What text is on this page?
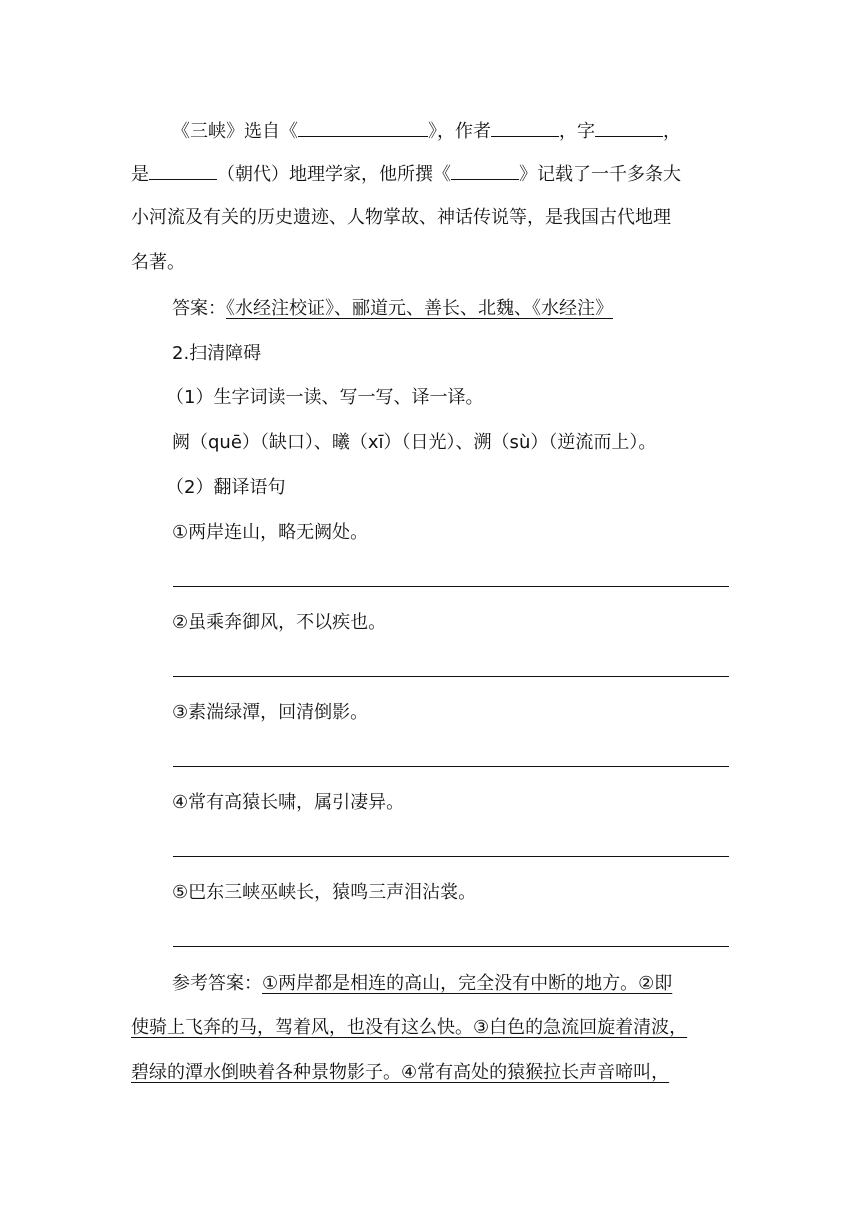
《三峡》选自《	》，作者	，字	，
是	（朝代）地理学家，他所撰《	》记载了一千多条大
小河流及有关的历史遗迹、人物掌故、神话传说等，是我国古代地理
名著。
答案：《水经注校证》、郦道元、善长、北魏、《水经注》
2.扫清障碍
（1）生字词读一读、写一写、译一译。
阙（quē）（缺口）、曦（xī）（日光）、溯（sù）（逆流而上）。
（2）翻译语句
①两岸连山，略无阙处。
②虽乘奔御风，不以疾也。
③素湍绿潭，回清倒影。
④常有高猿长啸，属引凄异。
⑤巴东三峡巫峡长，猿鸣三声泪沾裳。
参考答案：①两岸都是相连的高山，完全没有中断的地方。②即
使骑上飞奔的马，驾着风，也没有这么快。③白色的急流回旋着清波，
碧绿的潭水倒映着各种景物影子。④常有高处的猿猴拉长声音啼叫，
